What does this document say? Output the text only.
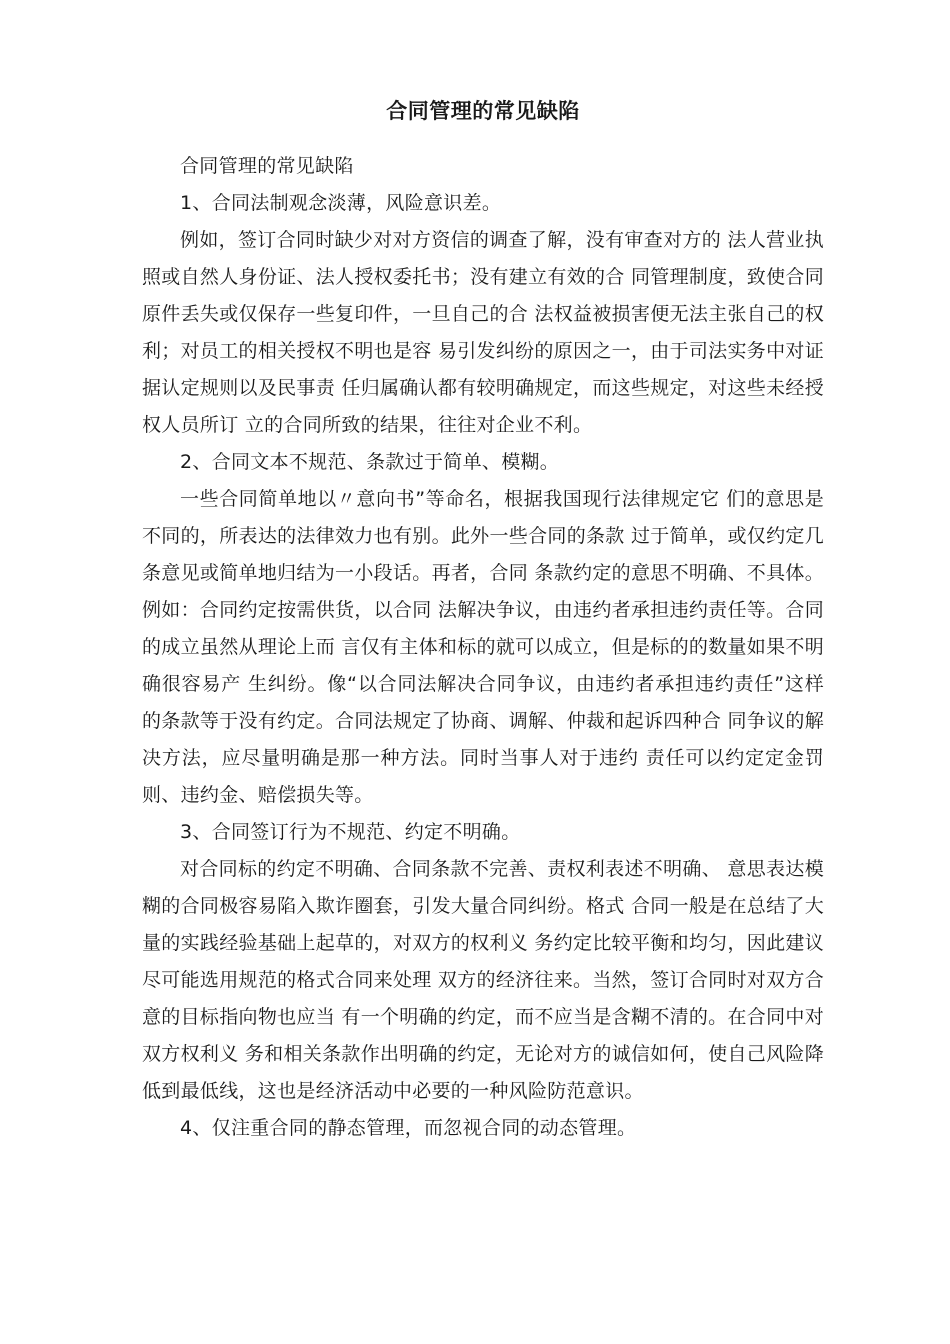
合同管理的常见缺陷

合同管理的常见缺陷

1、合同法制观念淡薄，风险意识差。

例如，签订合同时缺少对对方资信的调查了解，没有审查对方的 法人营业执照或自然人身份证、法人授权委托书；没有建立有效的合 同管理制度，致使合同原件丢失或仅保存一些复印件，一旦自己的合 法权益被损害便无法主张自己的权利；对员工的相关授权不明也是容 易引发纠纷的原因之一，由于司法实务中对证据认定规则以及民事责 任归属确认都有较明确规定，而这些规定，对这些未经授权人员所订 立的合同所致的结果，往往对企业不利。

2、合同文本不规范、条款过于简单、模糊。

一些合同简单地以〃意向书”等命名，根据我国现行法律规定它 们的意思是不同的，所表达的法律效力也有别。此外一些合同的条款 过于简单，或仅约定几条意见或简单地归结为一小段话。再者，合同 条款约定的意思不明确、不具体。例如：合同约定按需供货，以合同 法解决争议，由违约者承担违约责任等。合同的成立虽然从理论上而 言仅有主体和标的就可以成立，但是标的的数量如果不明确很容易产 生纠纷。像“以合同法解决合同争议，由违约者承担违约责任”这样 的条款等于没有约定。合同法规定了协商、调解、仲裁和起诉四种合 同争议的解决方法，应尽量明确是那一种方法。同时当事人对于违约 责任可以约定定金罚则、违约金、赔偿损失等。

3、合同签订行为不规范、约定不明确。

对合同标的约定不明确、合同条款不完善、责权利表述不明确、 意思表达模糊的合同极容易陷入欺诈圈套，引发大量合同纠纷。格式 合同一般是在总结了大量的实践经验基础上起草的，对双方的权利义 务约定比较平衡和均匀，因此建议尽可能选用规范的格式合同来处理 双方的经济往来。当然，签订合同时对双方合意的目标指向物也应当 有一个明确的约定，而不应当是含糊不清的。在合同中对双方权利义 务和相关条款作出明确的约定，无论对方的诚信如何，使自己风险降 低到最低线，这也是经济活动中必要的一种风险防范意识。

4、仅注重合同的静态管理，而忽视合同的动态管理。
